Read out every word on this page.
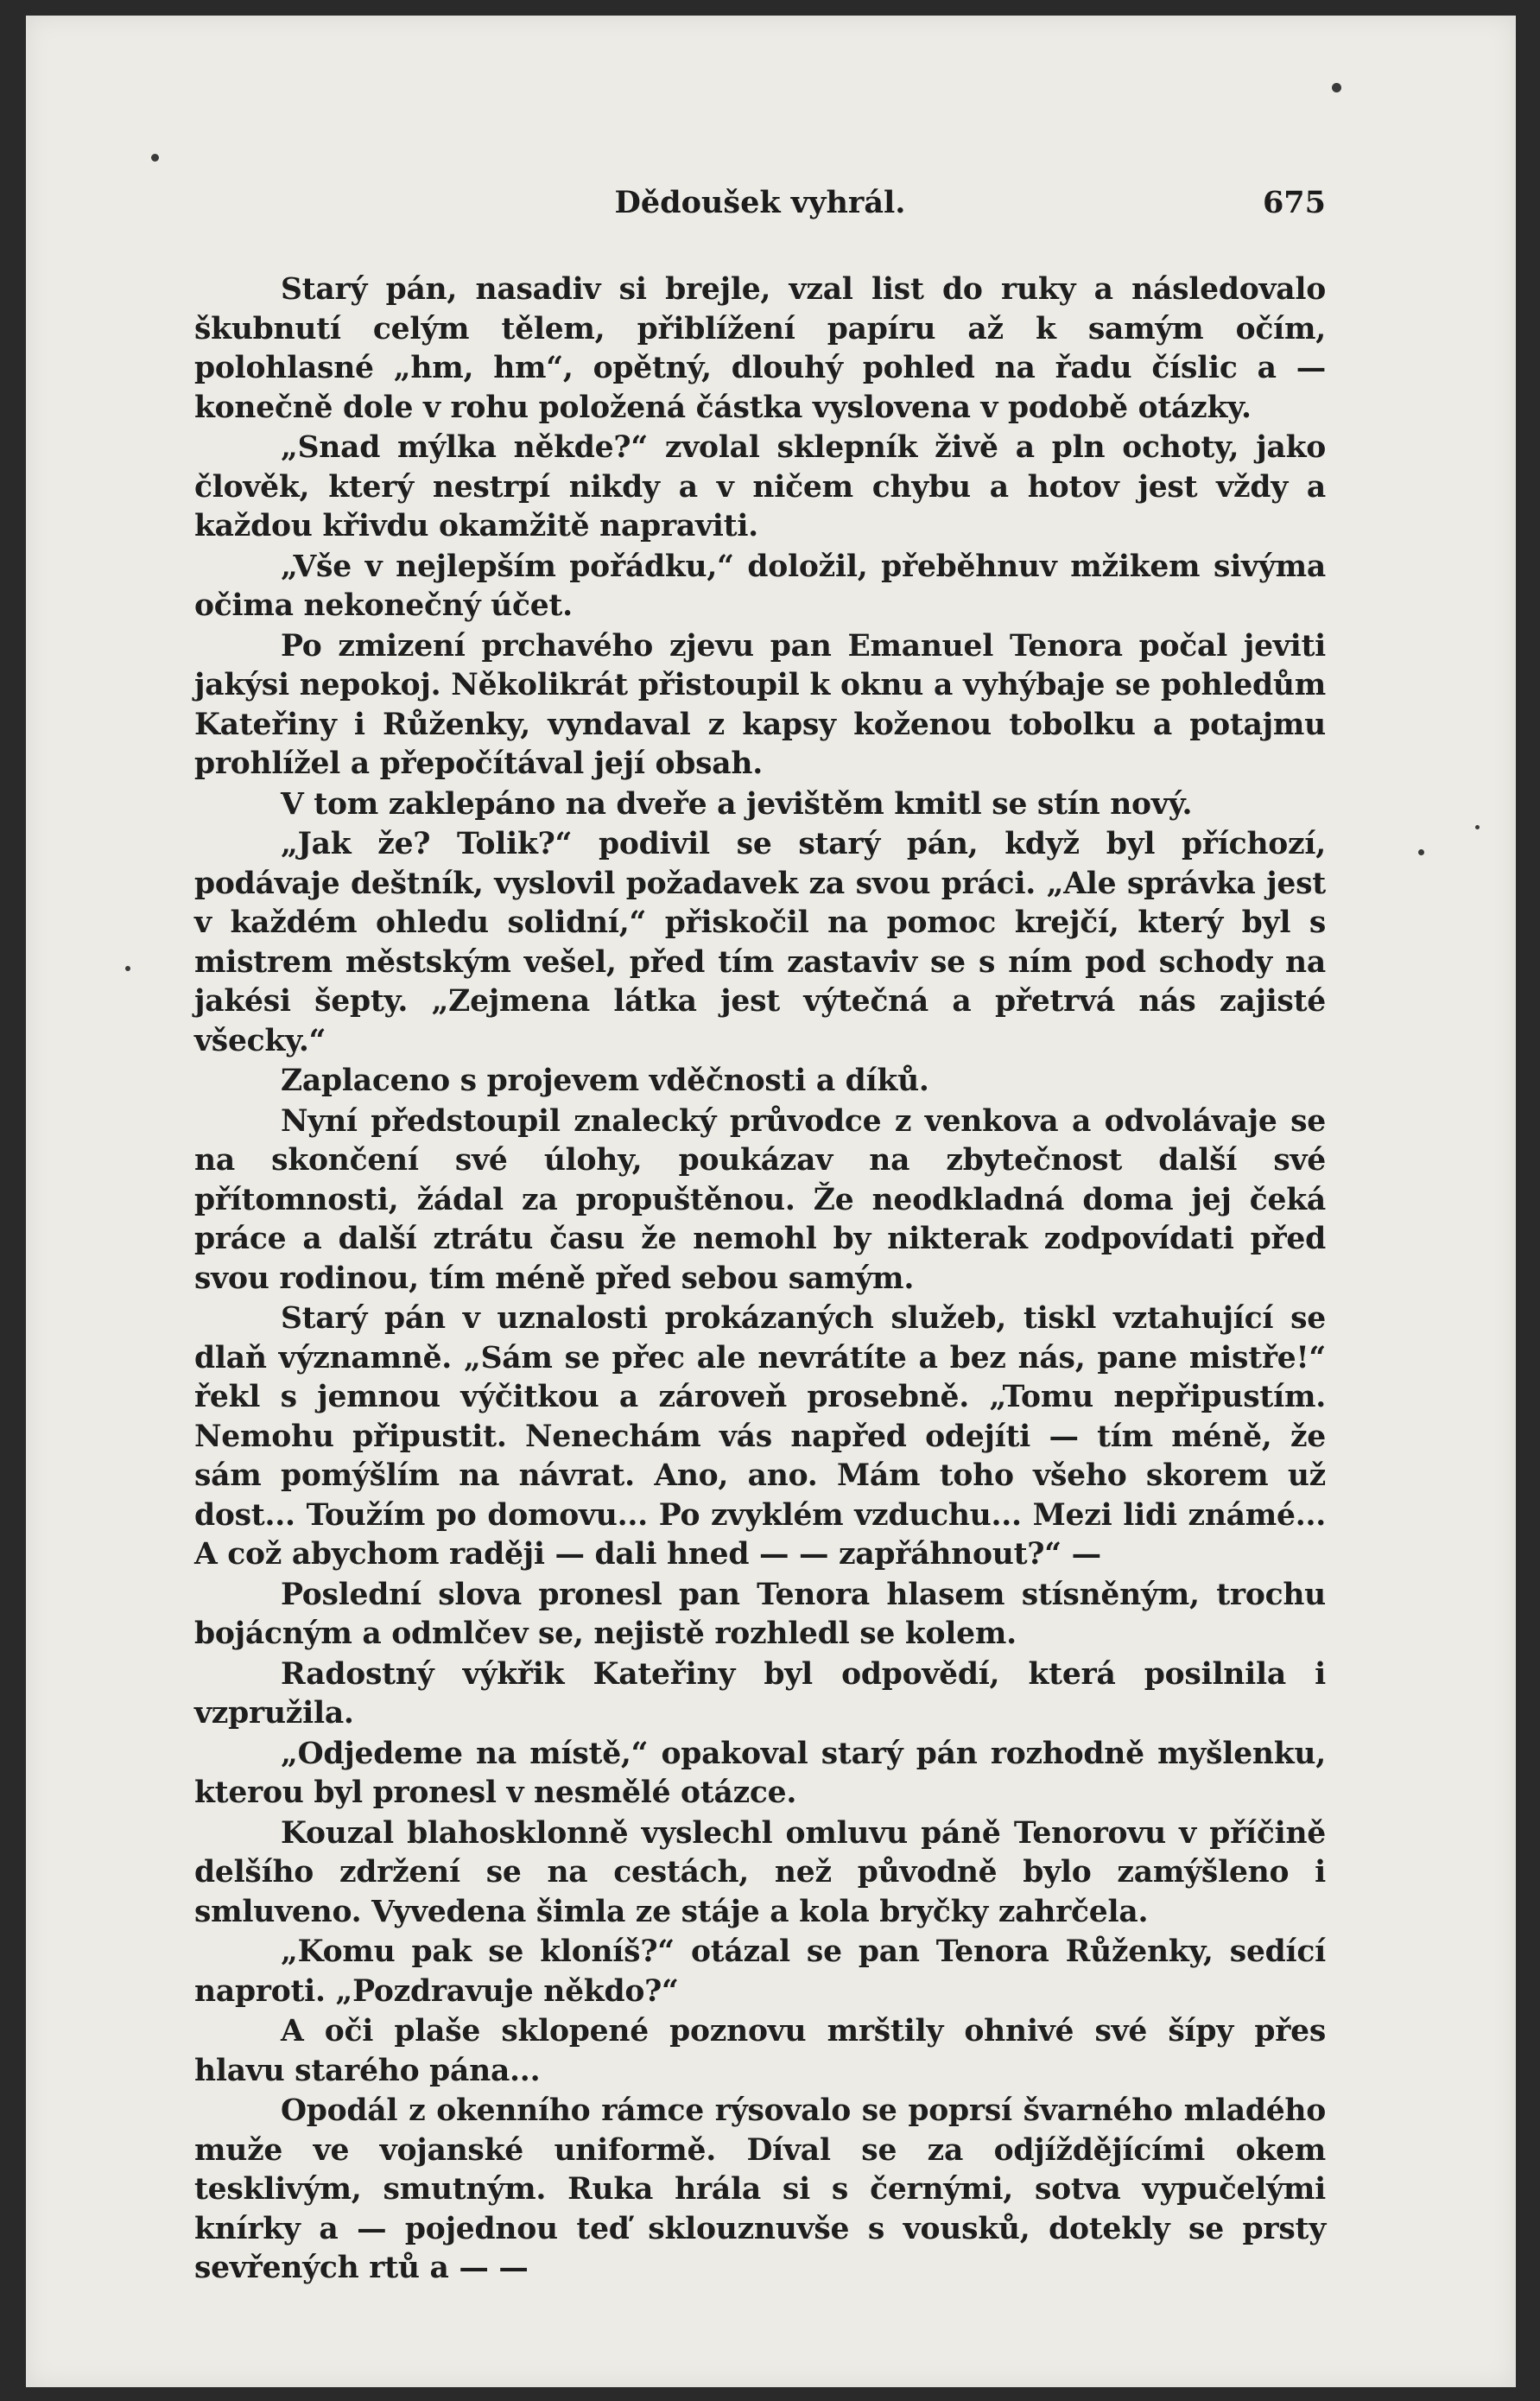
Dědoušek vyhrál.	675

Starý pán, nasadiv si brejle, vzal list do ruky a následovalo škubnutí celým tělem, přiblížení papíru až k samým očím, polohlasné „hm, hm“, opětný, dlouhý pohled na řadu číslic a — konečně dole v rohu položená částka vyslovena v podobě otázky.

„Snad mýlka někde?“ zvolal sklepník živě a pln ochoty, jako člověk, který nestrpí nikdy a v ničem chybu a hotov jest vždy a každou křivdu okamžitě napraviti.

„Vše v nejlepším pořádku,“ doložil, přeběhnuv mžikem sivýma očima nekonečný účet.

Po zmizení prchavého zjevu pan Emanuel Tenora počal jeviti jakýsi nepokoj. Několikrát přistoupil k oknu a vyhýbaje se pohledům Kateřiny i Růženky, vyndaval z kapsy koženou tobolku a potajmu prohlížel a přepočítával její obsah.

V tom zaklepáno na dveře a jevištěm kmitl se stín nový.

„Jak že? Tolik?“ podivil se starý pán, když byl příchozí, podávaje deštník, vyslovil požadavek za svou práci. „Ale správka jest v každém ohledu solidní,“ přiskočil na pomoc krejčí, který byl s mistrem městským vešel, před tím zastaviv se s ním pod schody na jakési šepty. „Zejmena látka jest výtečná a přetrvá nás zajisté všecky.“

Zaplaceno s projevem vděčnosti a díků.

Nyní předstoupil znalecký průvodce z venkova a odvolávaje se na skončení své úlohy, poukázav na zbytečnost další své přítomnosti, žádal za propuštěnou. Že neodkladná doma jej čeká práce a další ztrátu času že nemohl by nikterak zodpovídati před svou rodinou, tím méně před sebou samým.

Starý pán v uznalosti prokázaných služeb, tiskl vztahující se dlaň významně. „Sám se přec ale nevrátíte a bez nás, pane mistře!“ řekl s jemnou výčitkou a zároveň prosebně. „Tomu nepřipustím. Nemohu připustit. Nenechám vás napřed odejíti — tím méně, že sám pomýšlím na návrat. Ano, ano. Mám toho všeho skorem už dost... Toužím po domovu... Po zvyklém vzduchu... Mezi lidi známé... A což abychom raději — dali hned — — zapřáhnout?“ —

Poslední slova pronesl pan Tenora hlasem stísněným, trochu bojácným a odmlčev se, nejistě rozhledl se kolem.

Radostný výkřik Kateřiny byl odpovědí, která posilnila i vzpružila.

„Odjedeme na místě,“ opakoval starý pán rozhodně myšlenku, kterou byl pronesl v nesmělé otázce.

Kouzal blahosklonně vyslechl omluvu páně Tenorovu v příčině delšího zdržení se na cestách, než původně bylo zamýšleno i smluveno. Vyvedena šimla ze stáje a kola bryčky zahrčela.

„Komu pak se kloníš?“ otázal se pan Tenora Růženky, sedící naproti. „Pozdravuje někdo?“

A oči plaše sklopené poznovu mrštily ohnivé své šípy přes hlavu starého pána...

Opodál z okenního rámce rýsovalo se poprsí švarného mladého muže ve vojanské uniformě. Díval se za odjíždějícími okem tesklivým, smutným. Ruka hrála si s černými, sotva vypučelými knírky a — pojednou teď sklouznuvše s vousků, dotekly se prsty sevřených rtů a — —
